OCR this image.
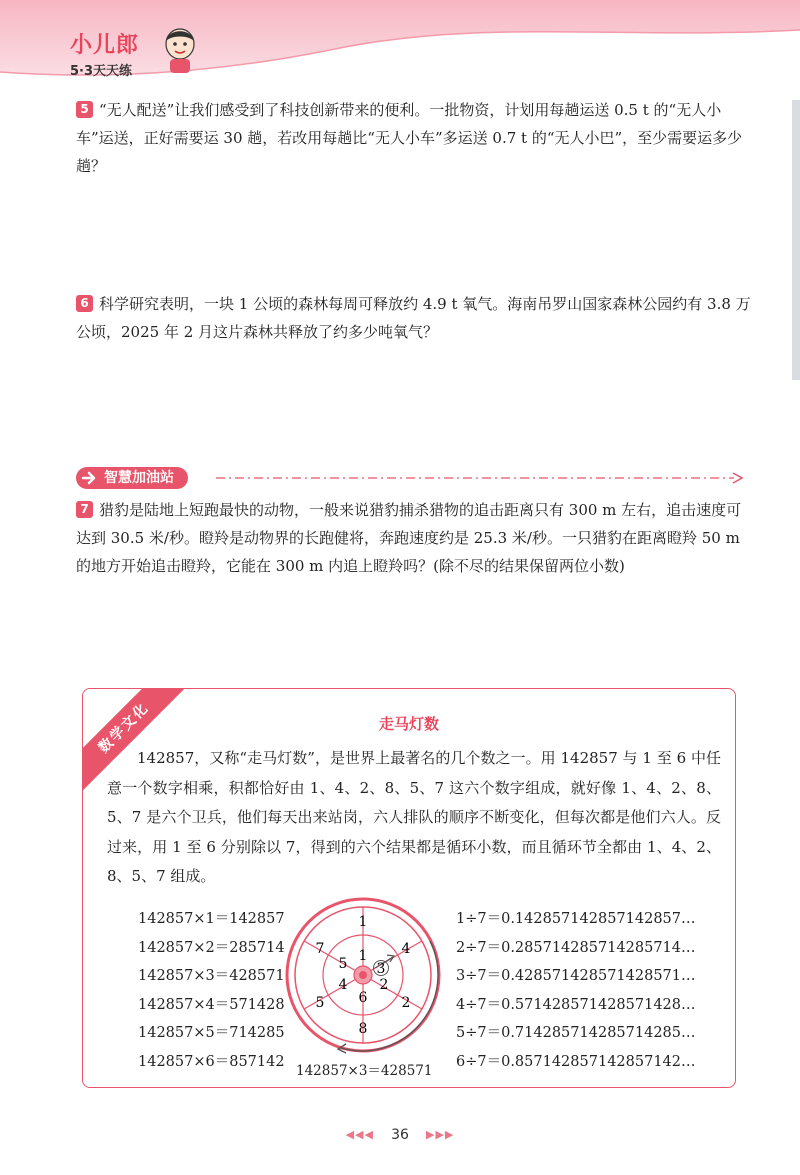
小儿郎
5·3天天练
5 “无人配送”让我们感受到了科技创新带来的便利。一批物资，计划用每趟运送 0.5 t 的“无人小车”运送，正好需要运 30 趟，若改用每趟比“无人小车”多运送 0.7 t 的“无人小巴”，至少需要运多少趟？
6 科学研究表明，一块 1 公顷的森林每周可释放约 4.9 t 氧气。海南吊罗山国家森林公园约有 3.8 万公顷，2025 年 2 月这片森林共释放了约多少吨氧气？
智慧加油站
7 猎豹是陆地上短跑最快的动物，一般来说猎豹捕杀猎物的追击距离只有 300 m 左右，追击速度可达到 30.5 米/秒。瞪羚是动物界的长跑健将，奔跑速度约是 25.3 米/秒。一只猎豹在距离瞪羚 50 m 的地方开始追击瞪羚，它能在 300 m 内追上瞪羚吗？(除不尽的结果保留两位小数)
数学文化	走马灯数
142857，又称“走马灯数”，是世界上最著名的几个数之一。用 142857 与 1 至 6 中任意一个数字相乘，积都恰好由 1、4、2、8、5、7 这六个数字组成，就好像 1、4、2、8、5、7 是六个卫兵，他们每天出来站岗，六人排队的顺序不断变化，但每次都是他们六人。反过来，用 1 至 6 分别除以 7，得到的六个结果都是循环小数，而且循环节全都由 1、4、2、8、5、7 组成。
142857×1＝142857
142857×2＝285714
142857×3＝428571
142857×4＝571428
142857×5＝714285
142857×6＝857142
1
4
2
8
5
7 1
3
2
6
4
5
142857×3＝428571
1÷7＝0.142857142857142857…
2÷7＝0.285714285714285714…
3÷7＝0.428571428571428571…
4÷7＝0.571428571428571428…
5÷7＝0.714285714285714285…
6÷7＝0.857142857142857142…
◀◀◀ 36 ▶▶▶
